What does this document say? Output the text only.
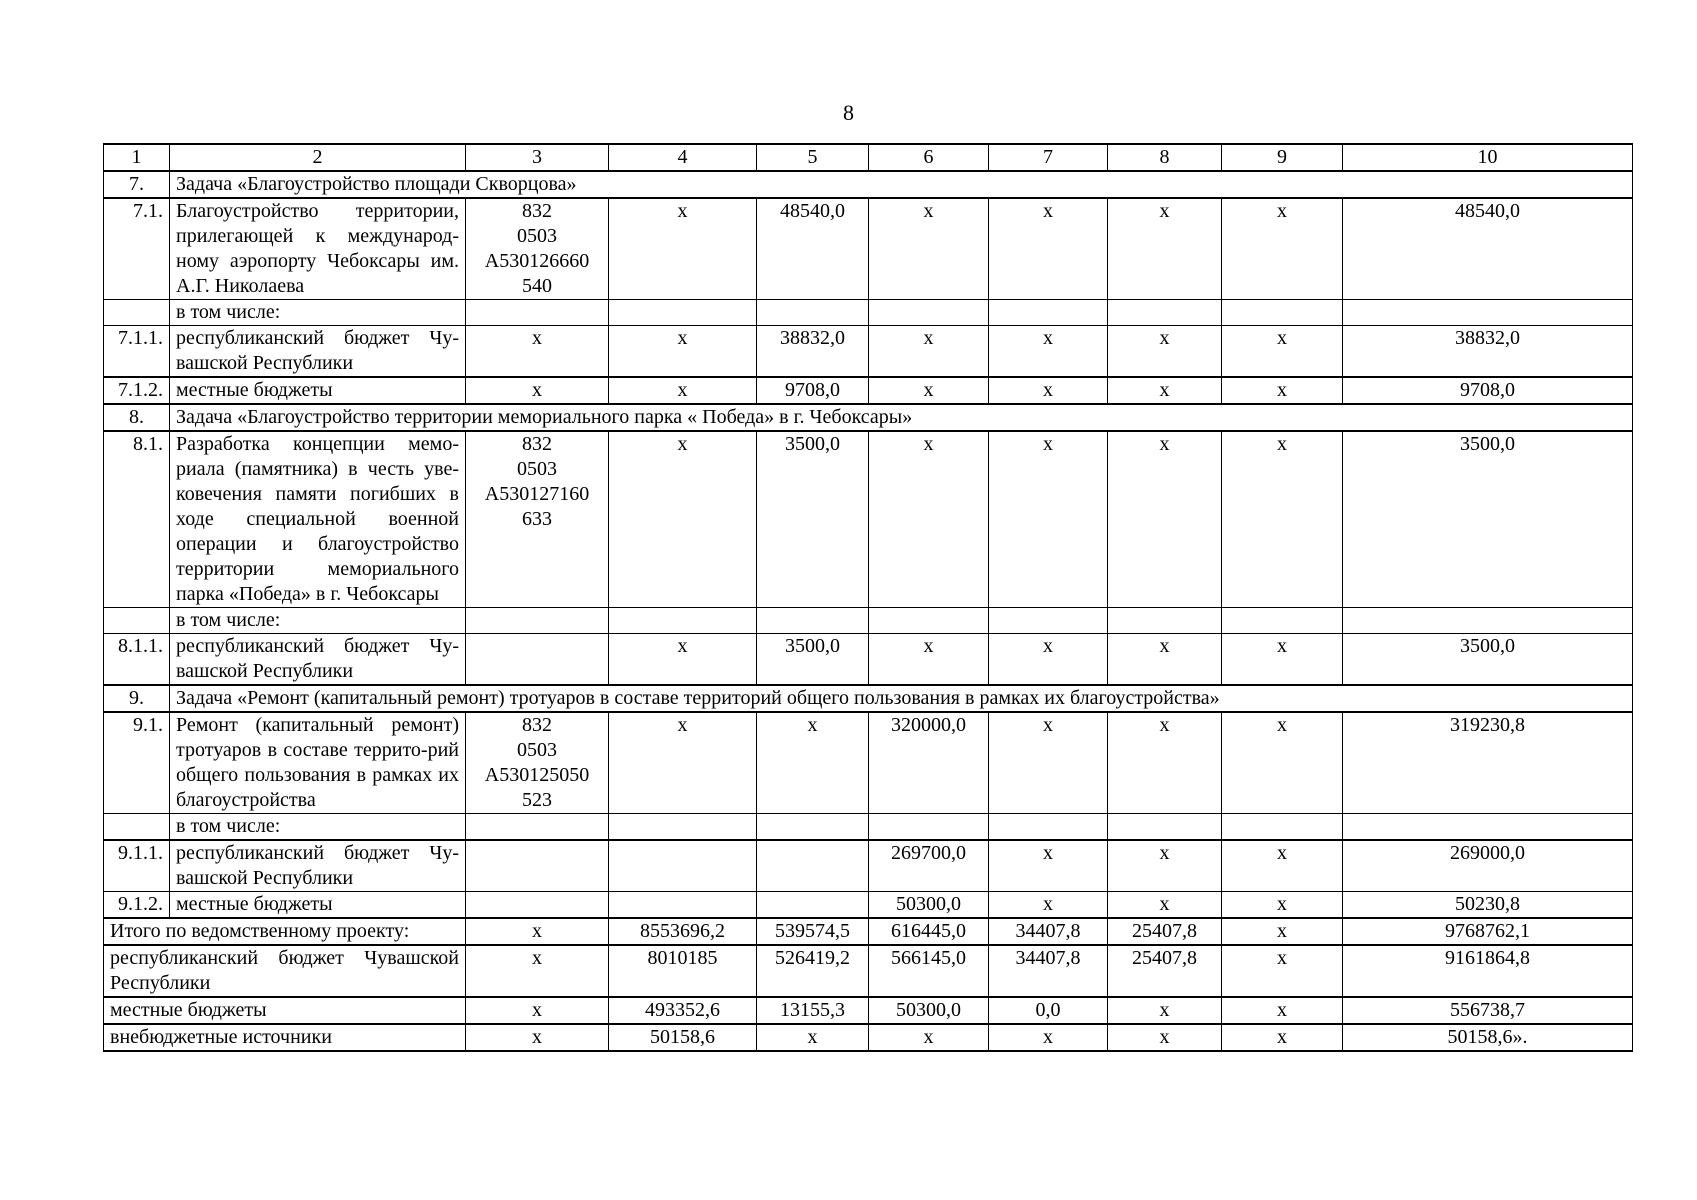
8
1	2	3	4	5	6	7	8	9	10
7.	Задача «Благоустройство площади Скворцова»								
7.1.	Благоустройство территории, прилегающей к международ-ному аэропорту Чебоксары им. А.Г. Николаева	832
0503
А530126660
540	х	48540,0	х	х	х	х	48540,0
	в том числе:								
7.1.1.	республиканский бюджет Чу-вашской Республики	х	х	38832,0	х	х	х	х	38832,0
7.1.2.	местные бюджеты	х	х	9708,0	х	х	х	х	9708,0
8.	Задача «Благоустройство территории мемориального парка « Победа» в г. Чебоксары»								
8.1.	Разработка концепции мемо-риала (памятника) в честь уве-ковечения памяти погибших в ходе специальной военной операции и благоустройство территории мемориального парка «Победа» в г. Чебоксары	832
0503
А530127160
633	х	3500,0	х	х	х	х	3500,0
	в том числе:								
8.1.1.	республиканский бюджет Чу-вашской Республики		х	3500,0	х	х	х	х	3500,0
9.	Задача «Ремонт (капитальный ремонт) тротуаров в составе территорий общего пользования в рамках их благоустройства»								
9.1.	Ремонт (капитальный ремонт) тротуаров в составе террито-рий общего пользования в рамках их благоустройства	832
0503
А530125050
523	х	х	320000,0	х	х	х	319230,8
	в том числе:								
9.1.1.	республиканский бюджет Чу-вашской Республики				269700,0	х	х	х	269000,0
9.1.2.	местные бюджеты				50300,0	х	х	х	50230,8
Итого по ведомственному проекту:		х	8553696,2	539574,5	616445,0	34407,8	25407,8	х	9768762,1
республиканский бюджет Чувашской Республики		х	8010185	526419,2	566145,0	34407,8	25407,8	х	9161864,8
местные бюджеты		х	493352,6	13155,3	50300,0	0,0	х	х	556738,7
внебюджетные источники		х	50158,6	х	х	х	х	х	50158,6».
